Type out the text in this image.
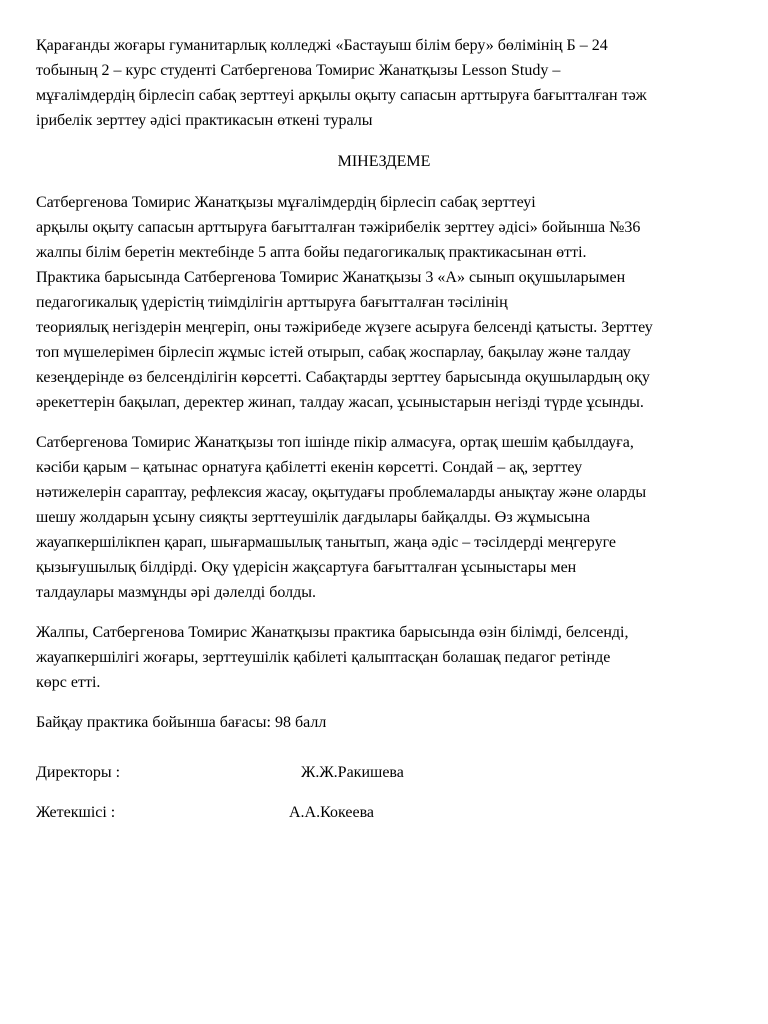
Қарағанды жоғары гуманитарлық колледжі «Бастауыш білім беру» бөлімінің Б – 24
тобының 2 – курс студенті Сатбергенова Томирис Жанатқызы Lesson Study –
мұғалімдердің бірлесіп сабақ зерттеуі арқылы оқыту сапасын арттыруға бағытталған тәж
ірибелік зерттеу әдісі практикасын өткені туралы
МІНЕЗДЕМЕ
Сатбергенова Томирис Жанатқызы мұғалімдердің бірлесіп сабақ зерттеуі
арқылы оқыту сапасын арттыруға бағытталған тәжірибелік зерттеу әдісі» бойынша №36
жалпы білім беретін мектебінде 5 апта бойы педагогикалық практикасынан өтті.
Практика барысында Сатбергенова Томирис Жанатқызы 3 «А» сынып оқушыларымен
педагогикалық үдерістің тиімділігін арттыруға бағытталған тәсілінің
теориялық негіздерін меңгеріп, оны тәжірибеде жүзеге асыруға белсенді қатысты. Зерттеу
топ мүшелерімен бірлесіп жұмыс істей отырып, сабақ жоспарлау, бақылау және талдау
кезеңдерінде өз белсенділігін көрсетті. Сабақтарды зерттеу барысында оқушылардың оқу
әрекеттерін бақылап, деректер жинап, талдау жасап, ұсыныстарын негізді түрде ұсынды.
Сатбергенова Томирис Жанатқызы топ ішінде пікір алмасуға, ортақ шешім қабылдауға,
кәсіби қарым – қатынас орнатуға қабілетті екенін көрсетті. Сондай – ақ, зерттеу
нәтижелерін сараптау, рефлексия жасау, оқытудағы проблемаларды анықтау және оларды
шешу жолдарын ұсыну сияқты зерттеушілік дағдылары байқалды. Өз жұмысына
жауапкершілікпен қарап, шығармашылық танытып, жаңа әдіс – тәсілдерді меңгеруге
қызығушылық білдірді. Оқу үдерісін жақсартуға бағытталған ұсыныстары мен
талдаулары мазмұнды әрі дәлелді болды.
Жалпы, Сатбергенова Томирис Жанатқызы практика барысында өзін білімді, белсенді,
жауапкершілігі жоғары, зерттеушілік қабілеті қалыптасқан болашақ педагог ретінде
көрс етті.
Байқау практика бойынша бағасы: 98 балл
Директоры :	Ж.Ж.Ракишева
Жетекшісі :	А.А.Кокеева
